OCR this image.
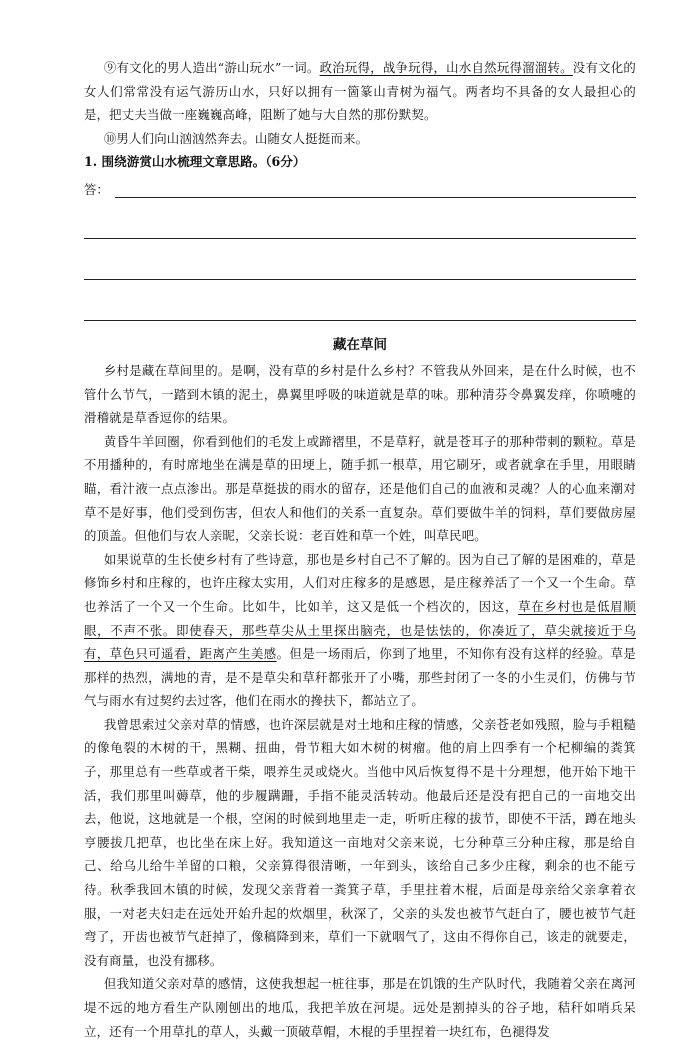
⑨有文化的男人造出“游山玩水”一词。政治玩得，战争玩得，山水自然玩得溜溜转。没有文化的女人们常常没有运气游历山水，只好以拥有一箇篆山青树为福气。两者均不具备的女人最担心的是，把丈夫当做一座巍巍高峰，阻断了她与大自然的那份默契。

⑩男人们向山汹汹然奔去。山随女人挺挺而来。

1. 围绕游赏山水梳理文章思路。（6分）

答：
藏在草间

乡村是藏在草间里的。是啊，没有草的乡村是什么乡村？不管我从外回来，是在什么时候，也不管什么节气，一踏到木镇的泥土，鼻翼里呼吸的味道就是草的味。那种清芬令鼻翼发痒，你喷嚏的滑稽就是草香逗你的结果。

黄昏牛羊回圈，你看到他们的毛发上或蹄褶里，不是草籽，就是苍耳子的那种带刺的颗粒。草是不用播种的，有时席地坐在满是草的田埂上，随手抓一根草，用它刷牙，或者就拿在手里，用眼睛瞄，看汁液一点点渗出。那是草挺拔的雨水的留存，还是他们自己的血液和灵魂？人的心血来潮对草不是好事，他们受到伤害，但农人和他们的关系一直复杂。草们要做牛羊的饲料，草们要做房屋的顶盖。但他们与农人亲昵，父亲长说：老百姓和草一个姓，叫草民吧。

如果说草的生长使乡村有了些诗意，那也是乡村自己不了解的。因为自己了解的是困难的，草是修饰乡村和庄稼的，也许庄稼太实用，人们对庄稼多的是感恩，是庄稼养活了一个又一个生命。草也养活了一个又一个生命。比如牛，比如羊，这又是低一个档次的，因这，草在乡村也是低眉顺眼，不声不张。即使春天，那些草尖从土里探出脑壳，也是怯怯的，你凑近了，草尖就接近于乌有，草色只可遥看，距离产生美感。但是一场雨后，你到了地里，不知你有没有这样的经验。草是那样的热烈，满地的青，是不是草尖和草秆都张开了小嘴，那些封闭了一冬的小生灵们，仿佛与节气与雨水有过契约去过客，他们在雨水的搀扶下，都站立了。

我曾思索过父亲对草的情感，也许深层就是对土地和庄稼的情感，父亲苍老如残照，脸与手粗糙的像龟裂的木树的干，黑糊、扭曲，骨节粗大如木树的树瘤。他的肩上四季有一个杞柳编的粪箕子，那里总有一些草或者干柴，喂养生灵或烧火。当他中风后恢复得不是十分理想，他开始下地干活，我们那里叫薅草，他的步履蹒跚，手指不能灵活转动。他最后还是没有把自己的一亩地交出去，他说，这地就是一个根，空闲的时候到地里走一走，听听庄稼的拔节，即使不干活，蹲在地头亨腰拔几把草，也比坐在床上好。我知道这一亩地对父亲来说，七分种草三分种庄稼，那是给自己、给乌儿给牛羊留的口粮，父亲算得很清晰，一年到头，该给自己多少庄稼，剩余的也不能亏待。秋季我回木镇的时候，发现父亲背着一粪箕子草，手里拄着木棍，后面是母亲给父亲拿着衣服，一对老夫妇走在远处开始升起的炊烟里，秋深了，父亲的头发也被节气赶白了，腰也被节气赶弯了，开齿也被节气赶掉了，像稿降到来，草们一下就咽气了，这由不得你自己，该走的就要走，没有商量，也没有挪移。

但我知道父亲对草的感情，这使我想起一桩往事，那是在饥饿的生产队时代，我随着父亲在离河堤不远的地方看生产队刚刨出的地瓜，我把羊放在河堤。远处是割掉头的谷子地，秸秆如哨兵呆立，还有一个用草扎的草人，头戴一顶破草帽，木棍的手里捏着一块红布，色褪得发
